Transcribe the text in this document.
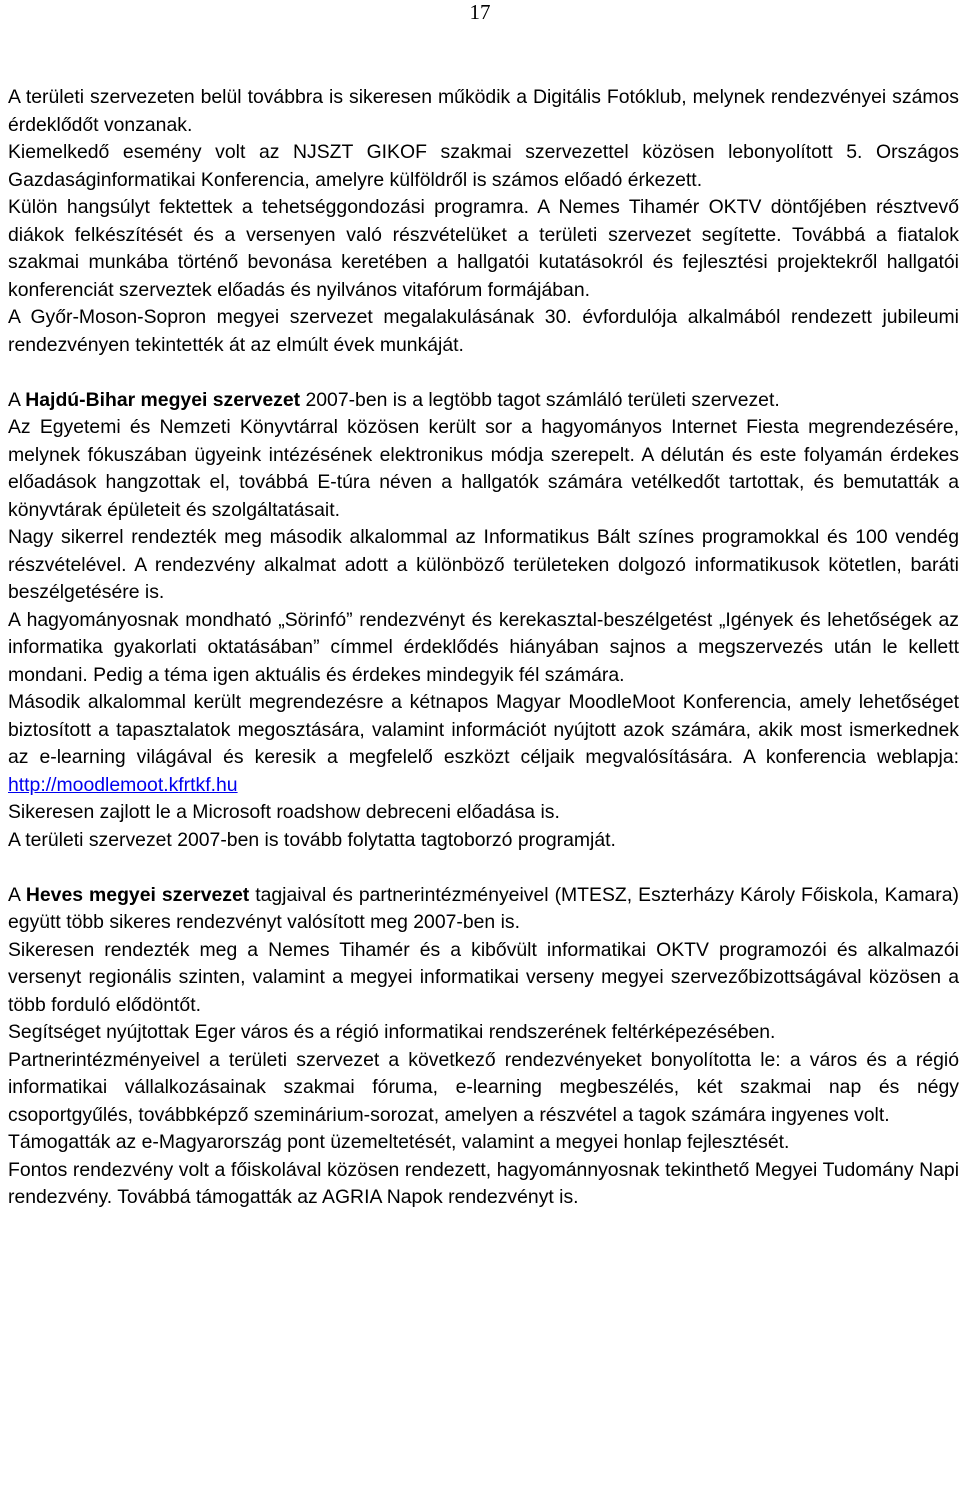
17

A területi szervezeten belül továbbra is sikeresen működik a Digitális Fotóklub, melynek rendezvényei számos érdeklődőt vonzanak.

Kiemelkedő esemény volt az NJSZT GIKOF szakmai szervezettel közösen lebonyolított 5. Országos Gazdaságinformatikai Konferencia, amelyre külföldről is számos előadó érkezett.

Külön hangsúlyt fektettek a tehetséggondozási programra. A Nemes Tihamér OKTV döntőjében résztvevő diákok felkészítését és a versenyen való részvételüket a területi szervezet segítette. Továbbá a fiatalok szakmai munkába történő bevonása keretében a hallgatói kutatásokról és fejlesztési projektekről hallgatói konferenciát szerveztek előadás és nyilvános vitafórum formájában.

A Győr-Moson-Sopron megyei szervezet megalakulásának 30. évfordulója alkalmából rendezett jubileumi rendezvényen tekintették át az elmúlt évek munkáját.

A Hajdú-Bihar megyei szervezet 2007-ben is a legtöbb tagot számláló területi szervezet.

Az Egyetemi és Nemzeti Könyvtárral közösen került sor a hagyományos Internet Fiesta megrendezésére, melynek fókuszában ügyeink intézésének elektronikus módja szerepelt. A délután és este folyamán érdekes előadások hangzottak el, továbbá E-túra néven a hallgatók számára vetélkedőt tartottak, és bemutatták a könyvtárak épületeit és szolgáltatásait.

Nagy sikerrel rendezték meg második alkalommal az Informatikus Bált színes programokkal és 100 vendég részvételével. A rendezvény alkalmat adott a különböző területeken dolgozó informatikusok kötetlen, baráti beszélgetésére is.

A hagyományosnak mondható „Sörinfó” rendezvényt és kerekasztal-beszélgetést „Igények és lehetőségek az informatika gyakorlati oktatásában” címmel érdeklődés hiányában sajnos a megszervezés után le kellett mondani. Pedig a téma igen aktuális és érdekes mindegyik fél számára.

Második alkalommal került megrendezésre a kétnapos Magyar MoodleMoot Konferencia, amely lehetőséget biztosított a tapasztalatok megosztására, valamint információt nyújtott azok számára, akik most ismerkednek az e-learning világával és keresik a megfelelő eszközt céljaik megvalósítására. A konferencia weblapja: http://moodlemoot.kfrtkf.hu

Sikeresen zajlott le a Microsoft roadshow debreceni előadása is.

A területi szervezet 2007-ben is tovább folytatta tagtoborzó programját.

A Heves megyei szervezet tagjaival és partnerintézményeivel (MTESZ, Eszterházy Károly Főiskola, Kamara) együtt több sikeres rendezvényt valósított meg 2007-ben is.

Sikeresen rendezték meg a Nemes Tihamér és a kibővült informatikai OKTV programozói és alkalmazói versenyt regionális szinten, valamint a megyei informatikai verseny megyei szervezőbizottságával közösen a több forduló elődöntőt.

Segítséget nyújtottak Eger város és a régió informatikai rendszerének feltérképezésében.

Partnerintézményeivel a területi szervezet a következő rendezvényeket bonyolította le: a város és a régió informatikai vállalkozásainak szakmai fóruma, e-learning megbeszélés, két szakmai nap és négy csoportgyűlés, továbbképző szeminárium-sorozat, amelyen a részvétel a tagok számára ingyenes volt.

Támogatták az e-Magyarország pont üzemeltetését, valamint a megyei honlap fejlesztését.

Fontos rendezvény volt a főiskolával közösen rendezett, hagyománnyosnak tekinthető Megyei Tudomány Napi rendezvény. Továbbá támogatták az AGRIA Napok rendezvényt is.
